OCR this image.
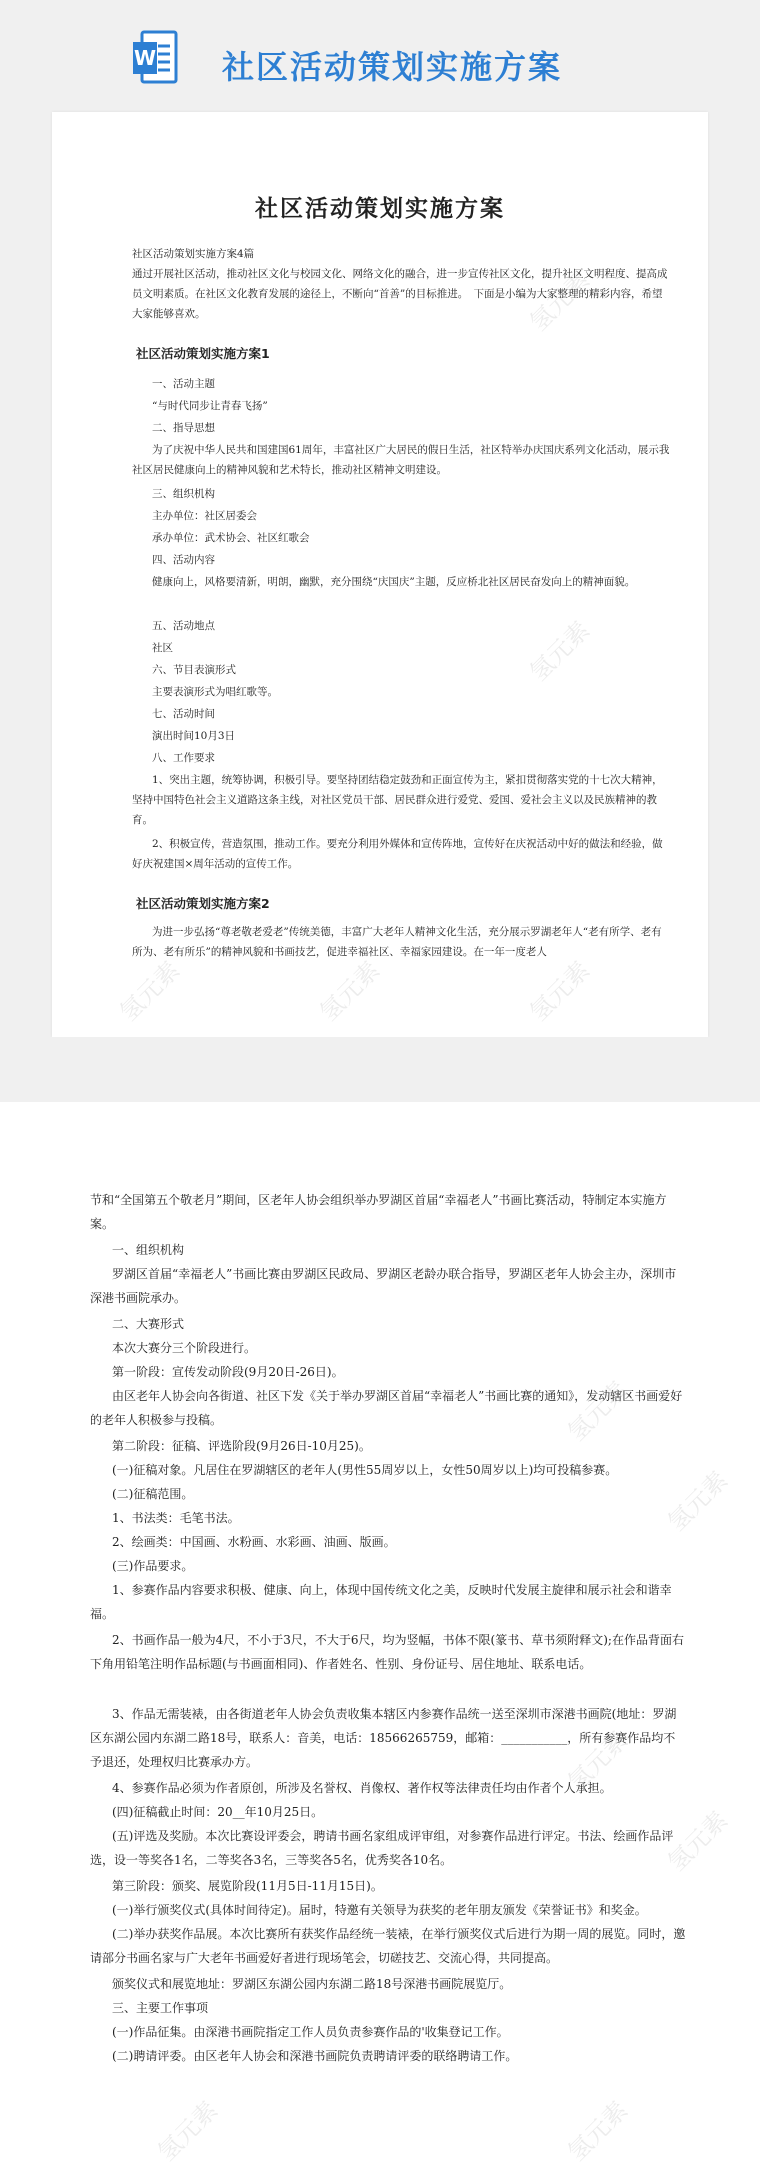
W 社区活动策划实施方案
社区活动策划实施方案

社区活动策划实施方案4篇

通过开展社区活动，推动社区文化与校园文化、网络文化的融合，进一步宣传社区文化，提升社区文明程度、提高成员文明素质。在社区文化教育发展的途径上，不断向“首善”的目标推进。　下面是小编为大家整理的精彩内容，希望大家能够喜欢。

社区活动策划实施方案1

一、活动主题

“与时代同步让青春飞扬”

二、指导思想

为了庆祝中华人民共和国建国61周年，丰富社区广大居民的假日生活，社区特举办庆国庆系列文化活动，展示我社区居民健康向上的精神风貌和艺术特长，推动社区精神文明建设。

三、组织机构

主办单位：社区居委会

承办单位：武术协会、社区红歌会

四、活动内容

健康向上，风格要清新，明朗，幽默，充分围绕“庆国庆”主题，反应桥北社区居民奋发向上的精神面貌。

五、活动地点

社区

六、节目表演形式

主要表演形式为唱红歌等。

七、活动时间

演出时间10月3日

八、工作要求

1、突出主题，统筹协调，积极引导。要坚持团结稳定鼓劲和正面宣传为主，紧扣贯彻落实党的十七次大精神，坚持中国特色社会主义道路这条主线，对社区党员干部、居民群众进行爱党、爱国、爱社会主义以及民族精神的教育。

2、积极宣传，营造氛围，推动工作。要充分利用外媒体和宣传阵地，宣传好在庆祝活动中好的做法和经验，做好庆祝建国×周年活动的宣传工作。

社区活动策划实施方案2

为进一步弘扬“尊老敬老爱老”传统美德，丰富广大老年人精神文化生活，充分展示罗湖老年人“老有所学、老有所为、老有所乐”的精神风貌和书画技艺，促进幸福社区、幸福家园建设。在一年一度老人

氢元素
氢元素
氢元素	氢元素
氢元素

节和“全国第五个敬老月”期间，区老年人协会组织举办罗湖区首届“幸福老人”书画比赛活动，特制定本实施方案。

一、组织机构

罗湖区首届“幸福老人”书画比赛由罗湖区民政局、罗湖区老龄办联合指导，罗湖区老年人协会主办，深圳市深港书画院承办。

二、大赛形式

本次大赛分三个阶段进行。

第一阶段：宣传发动阶段(9月20日-26日)。

由区老年人协会向各街道、社区下发《关于举办罗湖区首届“幸福老人”书画比赛的通知》，发动辖区书画爱好的老年人积极参与投稿。

第二阶段：征稿、评选阶段(9月26日-10月25)。

(一)征稿对象。凡居住在罗湖辖区的老年人(男性55周岁以上，女性50周岁以上)均可投稿参赛。

(二)征稿范围。

1、书法类：毛笔书法。

2、绘画类：中国画、水粉画、水彩画、油画、版画。

(三)作品要求。

1、参赛作品内容要求积极、健康、向上，体现中国传统文化之美，反映时代发展主旋律和展示社会和谐幸福。

2、书画作品一般为4尺，不小于3尺，不大于6尺，均为竖幅，书体不限(篆书、草书须附释文);在作品背面右下角用铅笔注明作品标题(与书画面相同)、作者姓名、性别、身份证号、居住地址、联系电话。

3、作品无需装裱，由各街道老年人协会负责收集本辖区内参赛作品统一送至深圳市深港书画院(地址：罗湖区东湖公园内东湖二路18号，联系人：音美，电话：18566265759，邮箱：___________，所有参赛作品均不予退还，处理权归比赛承办方。

4、参赛作品必须为作者原创，所涉及名誉权、肖像权、著作权等法律责任均由作者个人承担。

(四)征稿截止时间：20__年10月25日。

(五)评选及奖励。本次比赛设评委会，聘请书画名家组成评审组，对参赛作品进行评定。书法、绘画作品评选，设一等奖各1名，二等奖各3名，三等奖各5名，优秀奖各10名。

第三阶段：颁奖、展览阶段(11月5日-11月15日)。

(一)举行颁奖仪式(具体时间待定)。届时，特邀有关领导为获奖的老年朋友颁发《荣誉证书》和奖金。

(二)举办获奖作品展。本次比赛所有获奖作品经统一装裱，在举行颁奖仪式后进行为期一周的展览。同时，邀请部分书画名家与广大老年书画爱好者进行现场笔会，切磋技艺、交流心得，共同提高。

颁奖仪式和展览地址：罗湖区东湖公园内东湖二路18号深港书画院展览厅。

三、主要工作事项

(一)作品征集。由深港书画院指定工作人员负责参赛作品的'收集登记工作。

(二)聘请评委。由区老年人协会和深港书画院负责聘请评委的联络聘请工作。

氢元素
氢元素
氢元素
氢元素
氢元素	氢元素
